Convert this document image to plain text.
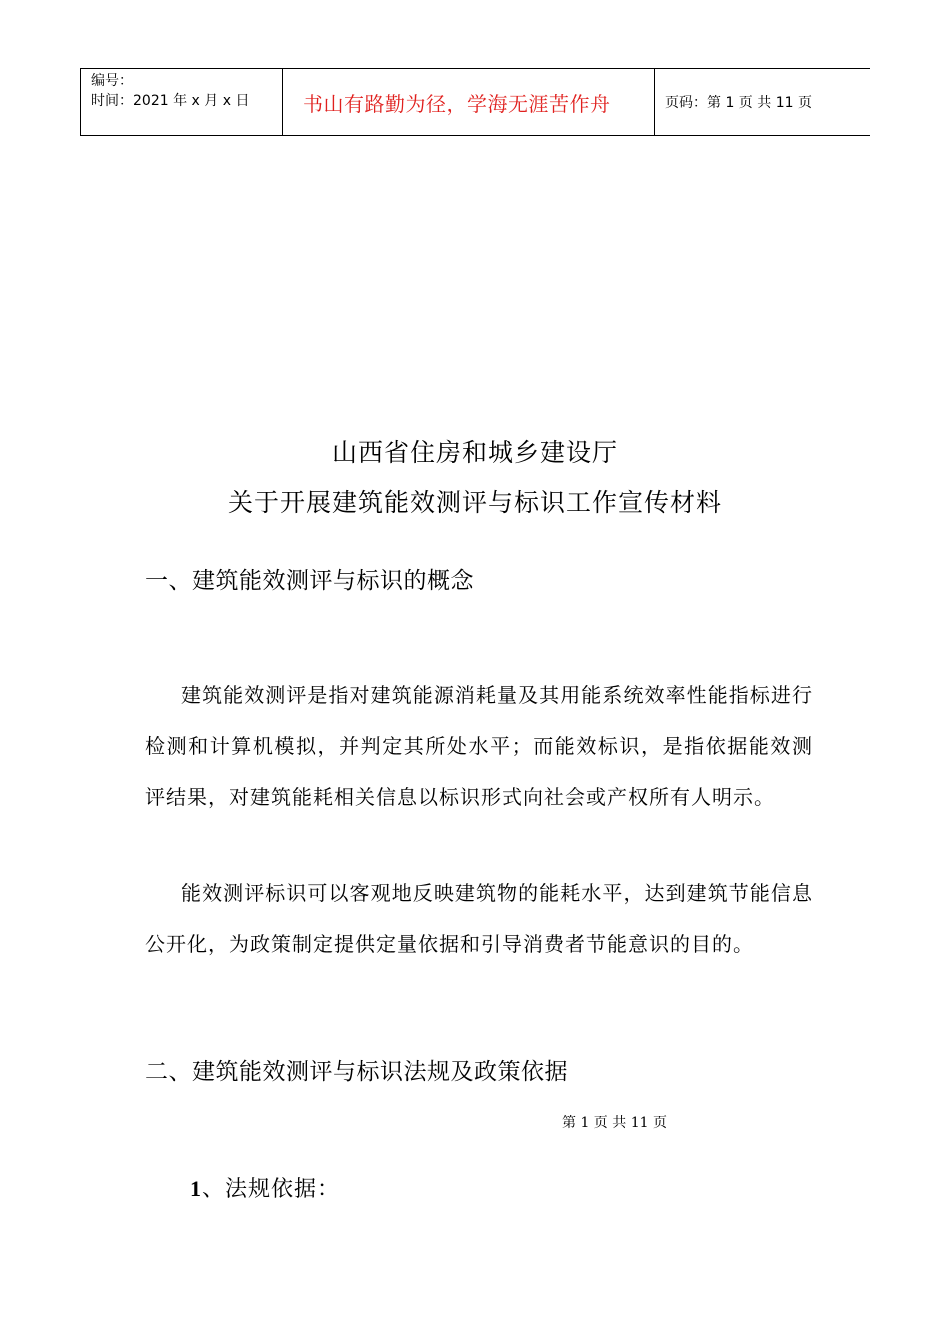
编号：
时间：2021 年 x 月 x 日	书山有路勤为径，学海无涯苦作舟	页码：第 1 页 共 11 页
山西省住房和城乡建设厅
关于开展建筑能效测评与标识工作宣传材料
一、建筑能效测评与标识的概念

建筑能效测评是指对建筑能源消耗量及其用能系统效率性能指标进行检测和计算机模拟，并判定其所处水平；而能效标识，是指依据能效测评结果，对建筑能耗相关信息以标识形式向社会或产权所有人明示。

能效测评标识可以客观地反映建筑物的能耗水平，达到建筑节能信息公开化，为政策制定提供定量依据和引导消费者节能意识的目的。

二、建筑能效测评与标识法规及政策依据
第 1 页 共 11 页
1、法规依据：
